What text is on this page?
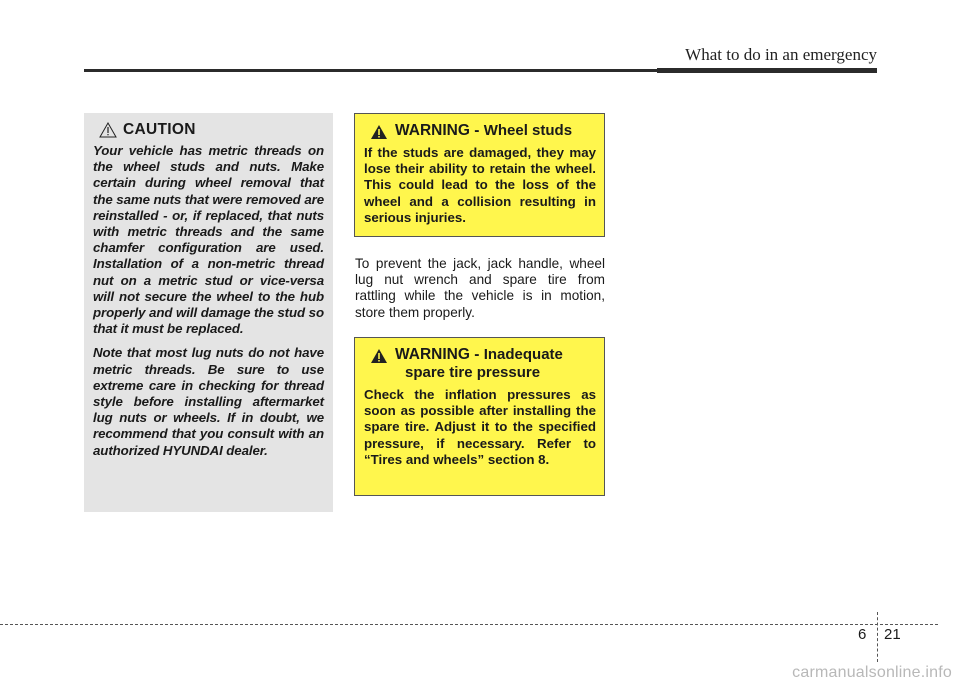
What to do in an emergency
CAUTION

Your vehicle has metric threads on the wheel studs and nuts. Make certain during wheel removal that the same nuts that were removed are reinstalled - or, if replaced, that nuts with metric threads and the same chamfer configuration are used. Installation of a non-metric thread nut on a metric stud or vice-versa will not secure the wheel to the hub properly and will damage the stud so that it must be replaced.

Note that most lug nuts do not have metric threads. Be sure to use extreme care in checking for thread style before installing aftermarket lug nuts or wheels. If in doubt, we recommend that you consult with an authorized HYUNDAI dealer.

WARNING - Wheel studs

If the studs are damaged, they may lose their ability to retain the wheel. This could lead to the loss of the wheel and a collision resulting in serious injuries.

To prevent the jack, jack handle, wheel lug nut wrench and spare tire from rattling while the vehicle is in motion, store them properly.

WARNING - Inadequate
spare tire pressure

Check the inflation pressures as soon as possible after installing the spare tire. Adjust it to the specified pressure, if necessary. Refer to “Tires and wheels” section 8.

6 21
carmanualsonline.info
